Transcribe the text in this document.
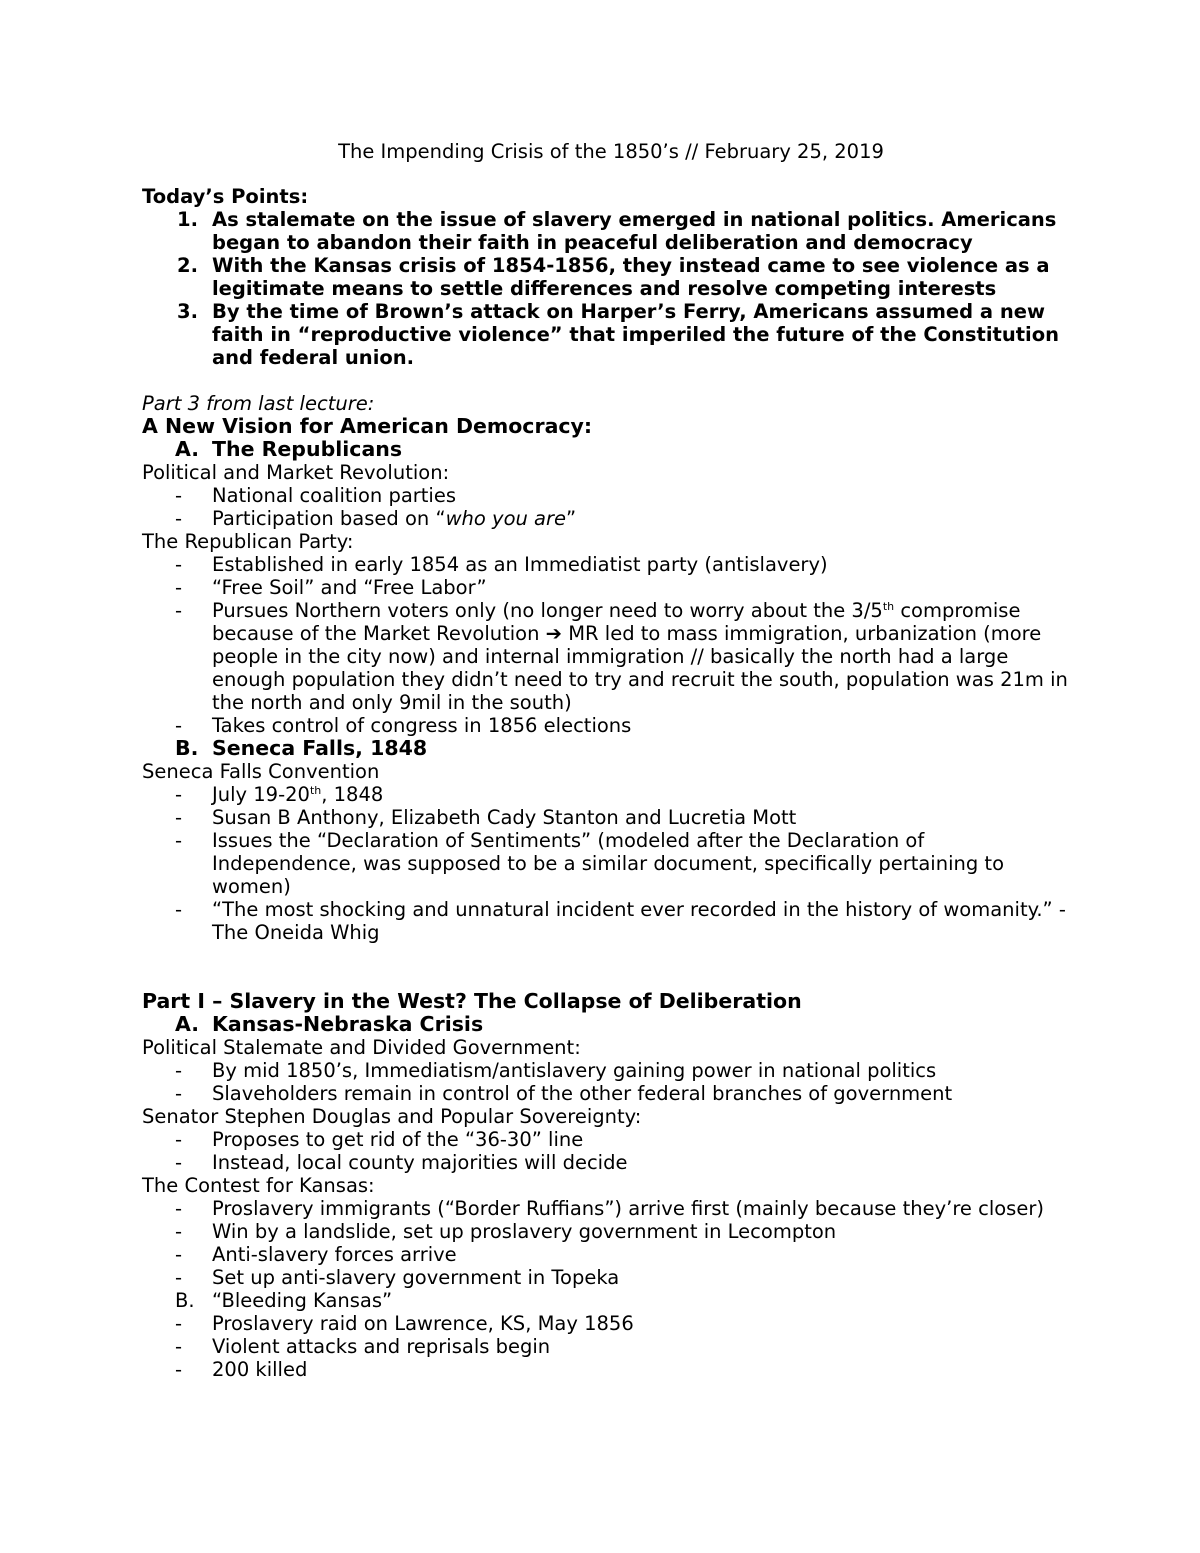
The Impending Crisis of the 1850’s // February 25, 2019
Today’s Points:
1. As stalemate on the issue of slavery emerged in national politics. Americans began to abandon their faith in peaceful deliberation and democracy
2. With the Kansas crisis of 1854-1856, they instead came to see violence as a legitimate means to settle differences and resolve competing interests
3. By the time of Brown’s attack on Harper’s Ferry, Americans assumed a new faith in “reproductive violence” that imperiled the future of the Constitution and federal union.
Part 3 from last lecture:
A New Vision for American Democracy:
A. The Republicans
Political and Market Revolution:
-	National coalition parties
-	Participation based on “who you are”
The Republican Party:
-	Established in early 1854 as an Immediatist party (antislavery)
-	“Free Soil” and “Free Labor”
-	Pursues Northern voters only (no longer need to worry about the 3/5th compromise because of the Market Revolution ➔ MR led to mass immigration, urbanization (more people in the city now) and internal immigration // basically the north had a large enough population they didn’t need to try and recruit the south, population was 21m in the north and only 9mil in the south)
-	Takes control of congress in 1856 elections
B. Seneca Falls, 1848
Seneca Falls Convention
-	July 19-20th, 1848
-	Susan B Anthony, Elizabeth Cady Stanton and Lucretia Mott
-	Issues the “Declaration of Sentiments” (modeled after the Declaration of Independence, was supposed to be a similar document, specifically pertaining to women)
-	“The most shocking and unnatural incident ever recorded in the history of womanity.” -The Oneida Whig
Part I – Slavery in the West? The Collapse of Deliberation
A. Kansas-Nebraska Crisis
Political Stalemate and Divided Government:
-	By mid 1850’s, Immediatism/antislavery gaining power in national politics
-	Slaveholders remain in control of the other federal branches of government
Senator Stephen Douglas and Popular Sovereignty:
-	Proposes to get rid of the “36-30” line
-	Instead, local county majorities will decide
The Contest for Kansas:
-	Proslavery immigrants (“Border Ruffians”) arrive first (mainly because they’re closer)
-	Win by a landslide, set up proslavery government in Lecompton
-	Anti-slavery forces arrive
-	Set up anti-slavery government in Topeka
B. “Bleeding Kansas”
-	Proslavery raid on Lawrence, KS, May 1856
-	Violent attacks and reprisals begin
-	200 killed
